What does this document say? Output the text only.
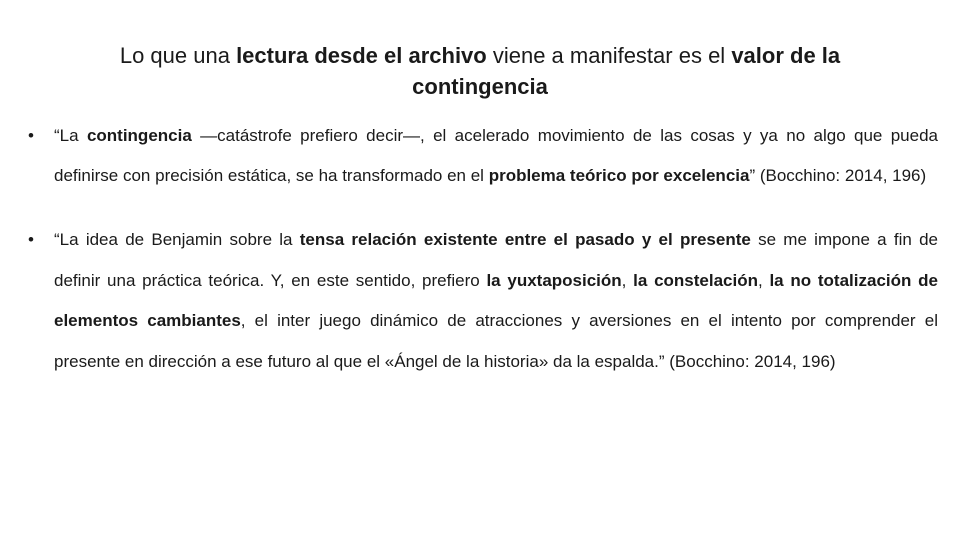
Lo que una lectura desde el archivo viene a manifestar es el valor de la contingencia
• “La contingencia —catástrofe prefiero decir—, el acelerado movimiento de las cosas y ya no algo que pueda definirse con precisión estática, se ha transformado en el problema teórico por excelencia” (Bocchino: 2014, 196)
• “La idea de Benjamin sobre la tensa relación existente entre el pasado y el presente se me impone a fin de definir una práctica teórica. Y, en este sentido, prefiero la yuxtaposición, la constelación, la no totalización de elementos cambiantes, el inter juego dinámico de atracciones y aversiones en el intento por comprender el presente en dirección a ese futuro al que el «Ángel de la historia» da la espalda.” (Bocchino: 2014, 196)
